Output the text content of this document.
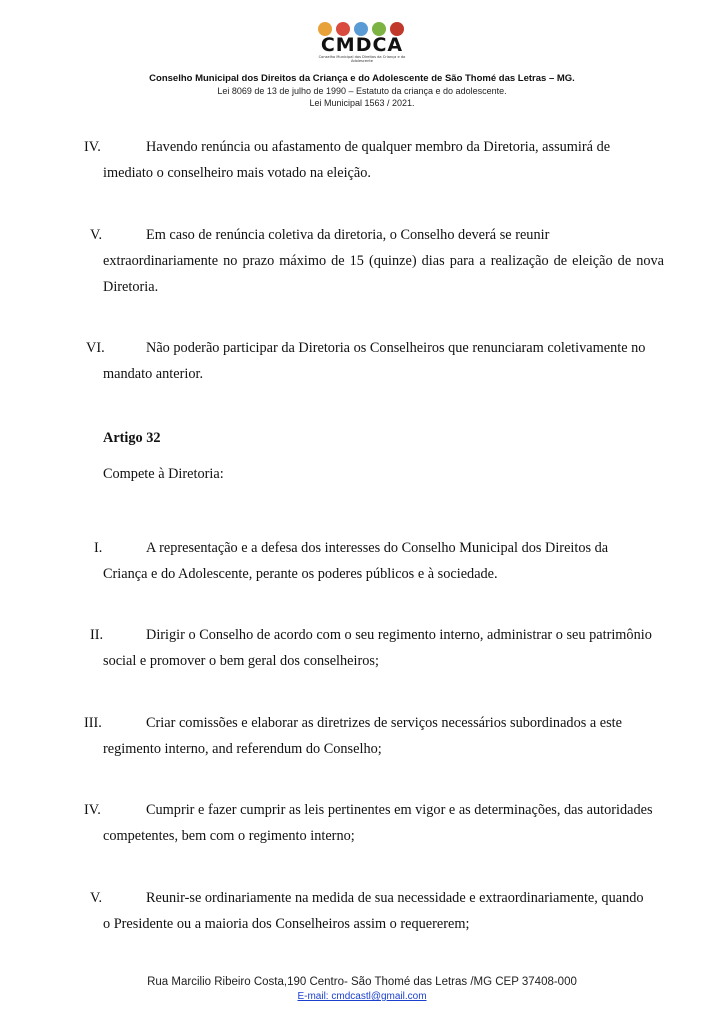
CMDCA
Conselho Municipal dos Direitos da Criança e do Adolescente
Conselho Municipal dos Direitos da Criança e do Adolescente de São Thomé das Letras – MG.
Lei 8069 de 13 de julho de 1990 – Estatuto da criança e do adolescente.
Lei Municipal 1563 / 2021.
IV.	Havendo renúncia ou afastamento de qualquer membro da Diretoria, assumirá de
imediato o conselheiro mais votado na eleição.
V.	Em caso de renúncia coletiva da diretoria, o Conselho deverá se reunir
extraordinariamente no prazo máximo de 15 (quinze) dias para a realização de eleição de nova Diretoria.
VI.	Não poderão participar da Diretoria os Conselheiros que renunciaram coletivamente no
mandato anterior.
Artigo 32
Compete à Diretoria:
I.	A representação e a defesa dos interesses do Conselho Municipal dos Direitos da
Criança e do Adolescente, perante os poderes públicos e à sociedade.
II.	Dirigir o Conselho de acordo com o seu regimento interno, administrar o seu patrimônio
social e promover o bem geral dos conselheiros;
III.	Criar comissões e elaborar as diretrizes de serviços necessários subordinados a este
regimento interno, and referendum do Conselho;
IV.	Cumprir e fazer cumprir as leis pertinentes em vigor e as determinações, das autoridades
competentes, bem com o regimento interno;
V.	Reunir-se ordinariamente na medida de sua necessidade e extraordinariamente, quando
o Presidente ou a maioria dos Conselheiros assim o requererem;
Rua Marcilio Ribeiro Costa,190 Centro- São Thomé das Letras /MG CEP 37408-000
E-mail: cmdcastl@gmail.com
